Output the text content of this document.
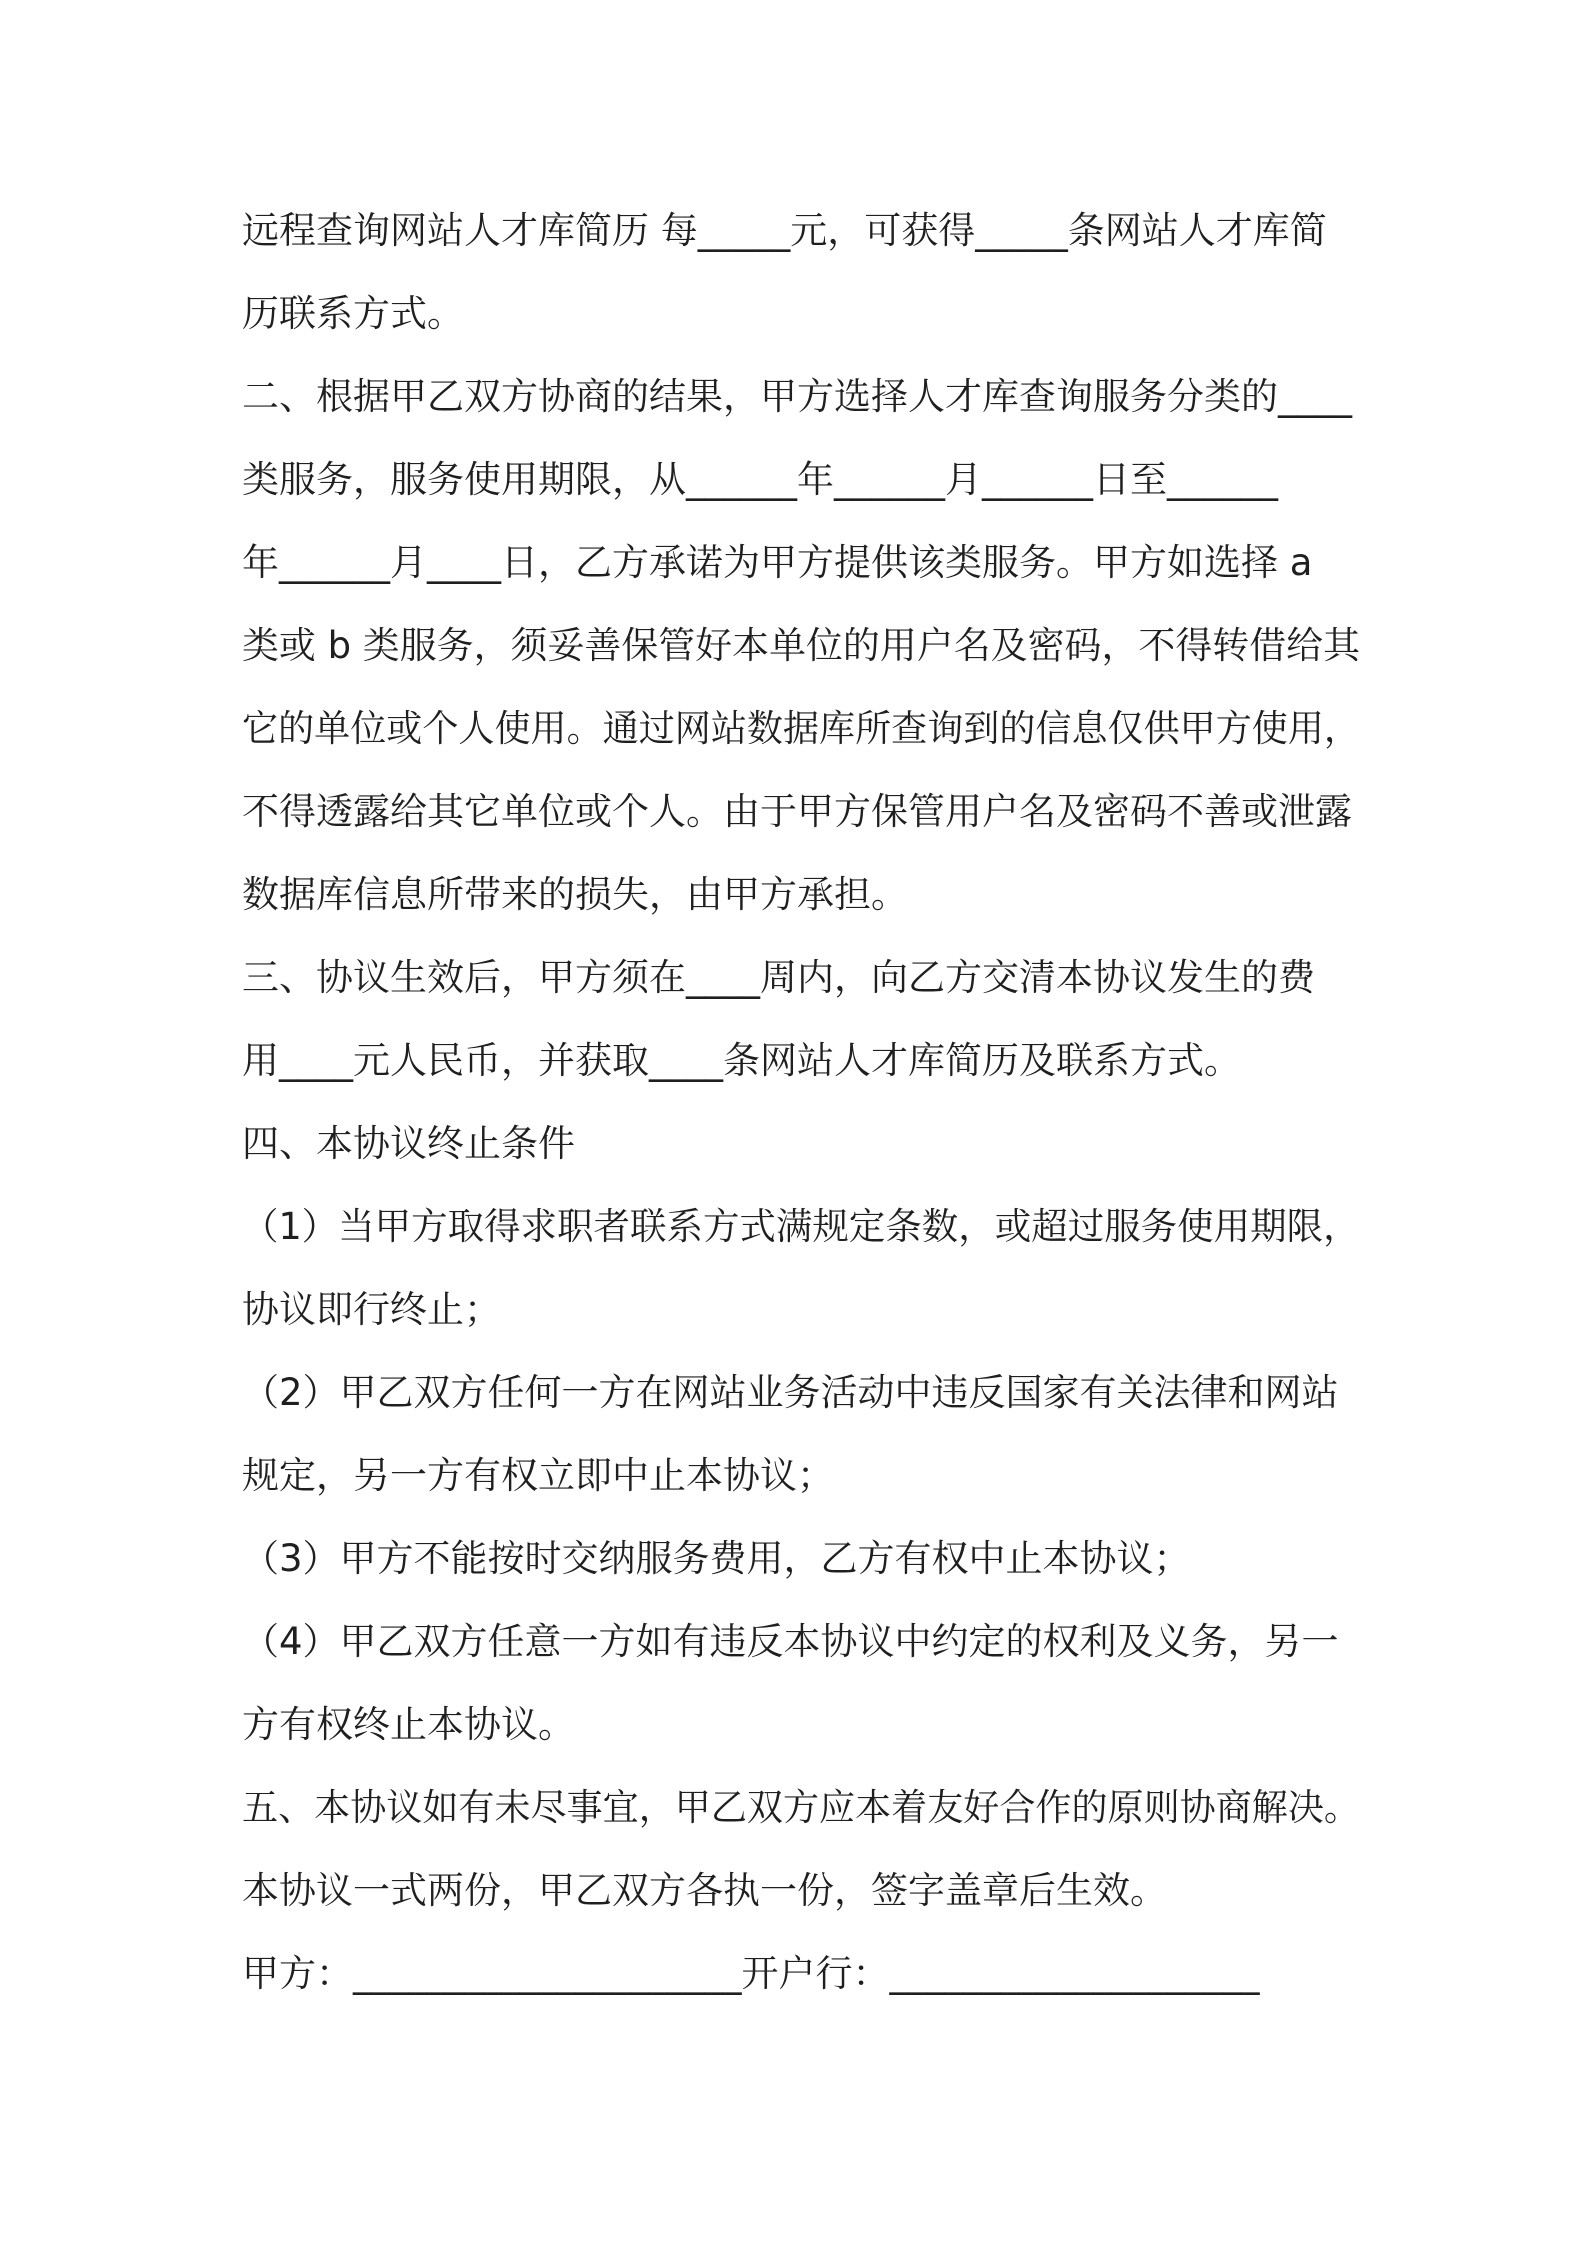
远程查询网站人才库简历 每_____元，可获得_____条网站人才库简

历联系方式。

二、根据甲乙双方协商的结果，甲方选择人才库查询服务分类的____

类服务，服务使用期限，从______年______月______日至______

年______月____日，乙方承诺为甲方提供该类服务。甲方如选择 a

类或 b 类服务，须妥善保管好本单位的用户名及密码，不得转借给其

它的单位或个人使用。通过网站数据库所查询到的信息仅供甲方使用，

不得透露给其它单位或个人。由于甲方保管用户名及密码不善或泄露

数据库信息所带来的损失，由甲方承担。

三、协议生效后，甲方须在____周内，向乙方交清本协议发生的费

用____元人民币，并获取____条网站人才库简历及联系方式。

四、本协议终止条件

（1）当甲方取得求职者联系方式满规定条数，或超过服务使用期限，

协议即行终止；

（2）甲乙双方任何一方在网站业务活动中违反国家有关法律和网站

规定，另一方有权立即中止本协议；

（3）甲方不能按时交纳服务费用，乙方有权中止本协议；

（4）甲乙双方任意一方如有违反本协议中约定的权利及义务，另一

方有权终止本协议。

五、本协议如有未尽事宜，甲乙双方应本着友好合作的原则协商解决。

本协议一式两份，甲乙双方各执一份，签字盖章后生效。

甲方：_____________________开户行：____________________
